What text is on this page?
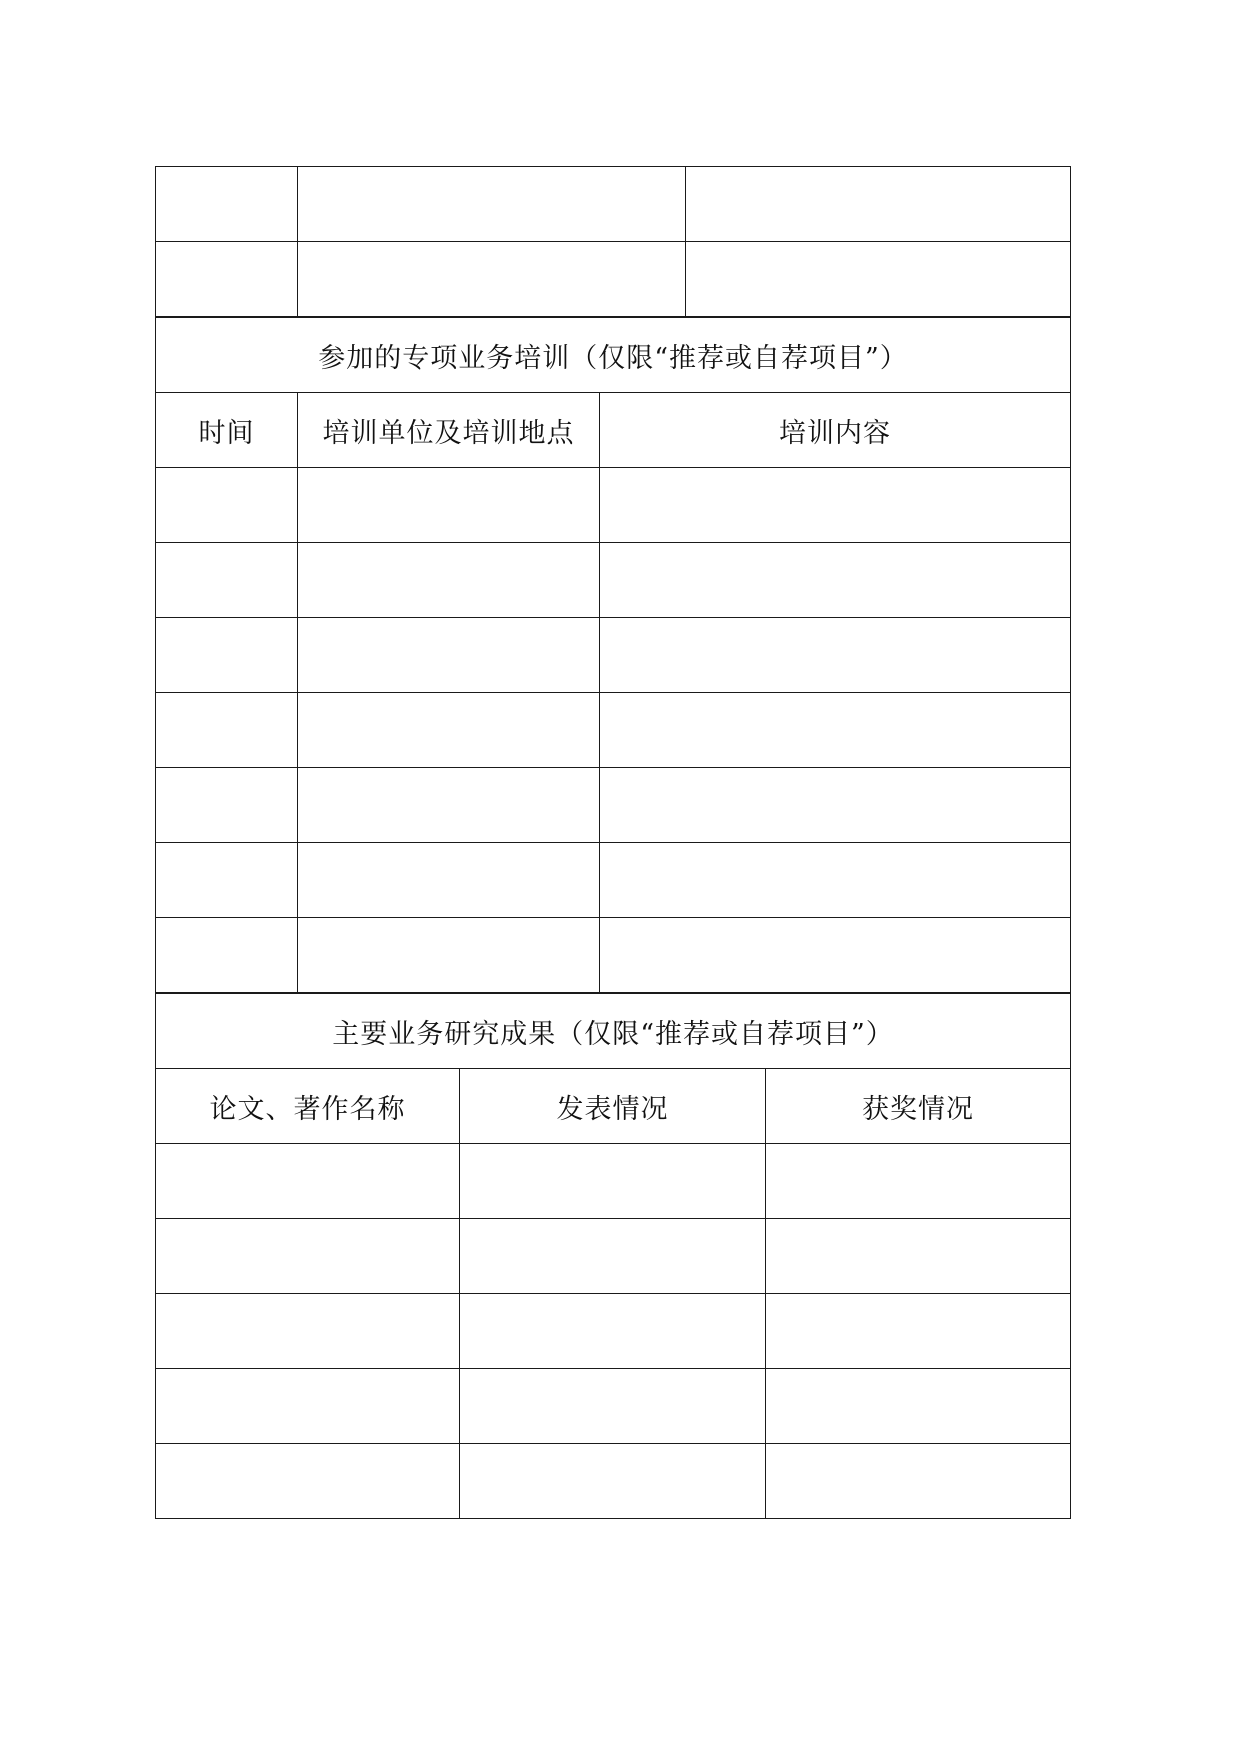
参加的专项业务培训（仅限“推荐或自荐项目”）		
时间	培训单位及培训地点	培训内容

主要业务研究成果（仅限“推荐或自荐项目”）		
论文、著作名称	发表情况	获奖情况
